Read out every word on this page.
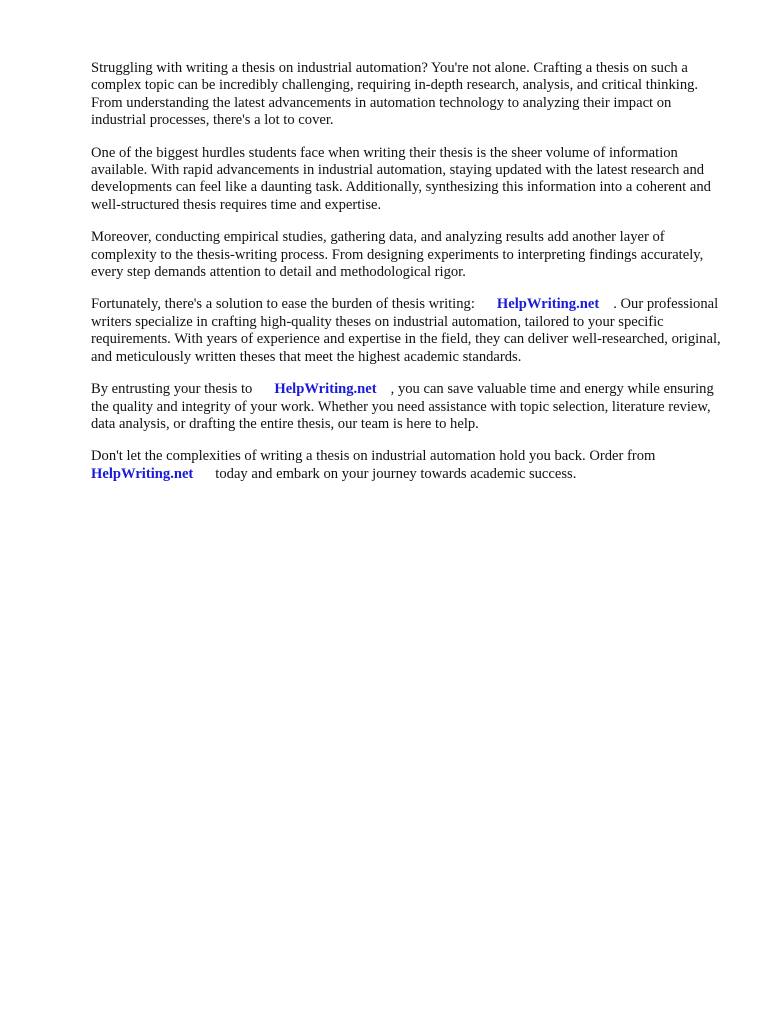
Struggling with writing a thesis on industrial automation? You're not alone. Crafting a thesis on such a complex topic can be incredibly challenging, requiring in-depth research, analysis, and critical thinking. From understanding the latest advancements in automation technology to analyzing their impact on industrial processes, there's a lot to cover.

One of the biggest hurdles students face when writing their thesis is the sheer volume of information available. With rapid advancements in industrial automation, staying updated with the latest research and developments can feel like a daunting task. Additionally, synthesizing this information into a coherent and well-structured thesis requires time and expertise.

Moreover, conducting empirical studies, gathering data, and analyzing results add another layer of complexity to the thesis-writing process. From designing experiments to interpreting findings accurately, every step demands attention to detail and methodological rigor.

Fortunately, there's a solution to ease the burden of thesis writing: HelpWriting.net . Our professional writers specialize in crafting high-quality theses on industrial automation, tailored to your specific requirements. With years of experience and expertise in the field, they can deliver well-researched, original, and meticulously written theses that meet the highest academic standards.

By entrusting your thesis to HelpWriting.net , you can save valuable time and energy while ensuring the quality and integrity of your work. Whether you need assistance with topic selection, literature review, data analysis, or drafting the entire thesis, our team is here to help.

Don't let the complexities of writing a thesis on industrial automation hold you back. Order from HelpWriting.net today and embark on your journey towards academic success.
